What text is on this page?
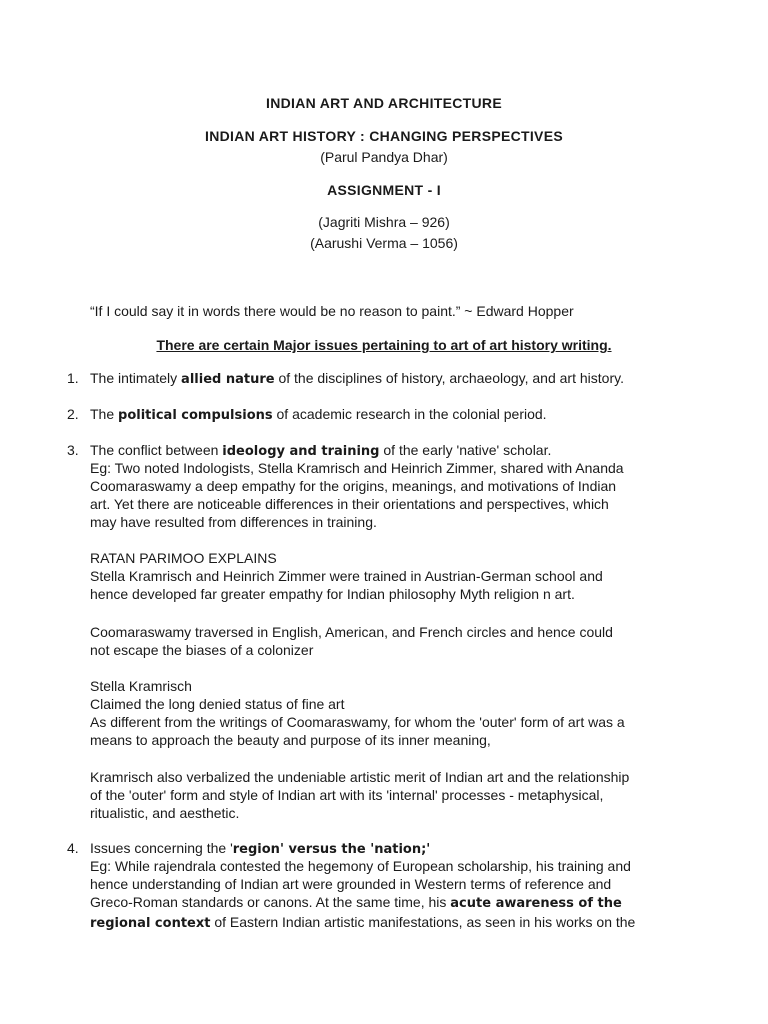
INDIAN ART AND ARCHITECTURE
INDIAN ART HISTORY : CHANGING PERSPECTIVES
(Parul Pandya Dhar)
ASSIGNMENT - I
(Jagriti Mishra – 926)
(Aarushi Verma – 1056)
“If I could say it in words there would be no reason to paint.” ~ Edward Hopper
There are certain Major issues pertaining to art of art history writing.
1. The intimately allied nature of the disciplines of history, archaeology, and art history.
2. The political compulsions of academic research in the colonial period.
3. The conflict between ideology and training of the early 'native' scholar.
Eg: Two noted Indologists, Stella Kramrisch and Heinrich Zimmer, shared with Ananda
Coomaraswamy a deep empathy for the origins, meanings, and motivations of Indian
art. Yet there are noticeable differences in their orientations and perspectives, which
may have resulted from differences in training.
RATAN PARIMOO EXPLAINS
Stella Kramrisch and Heinrich Zimmer were trained in Austrian-German school and
hence developed far greater empathy for Indian philosophy Myth religion n art.
Coomaraswamy traversed in English, American, and French circles and hence could
not escape the biases of a colonizer
Stella Kramrisch
Claimed the long denied status of fine art
As different from the writings of Coomaraswamy, for whom the 'outer' form of art was a
means to approach the beauty and purpose of its inner meaning,
Kramrisch also verbalized the undeniable artistic merit of Indian art and the relationship
of the 'outer' form and style of Indian art with its 'internal' processes - metaphysical,
ritualistic, and aesthetic.
4. Issues concerning the 'region' versus the 'nation;'
Eg: While rajendrala contested the hegemony of European scholarship, his training and
hence understanding of Indian art were grounded in Western terms of reference and
Greco-Roman standards or canons. At the same time, his acute awareness of the
regional context of Eastern Indian artistic manifestations, as seen in his works on the
